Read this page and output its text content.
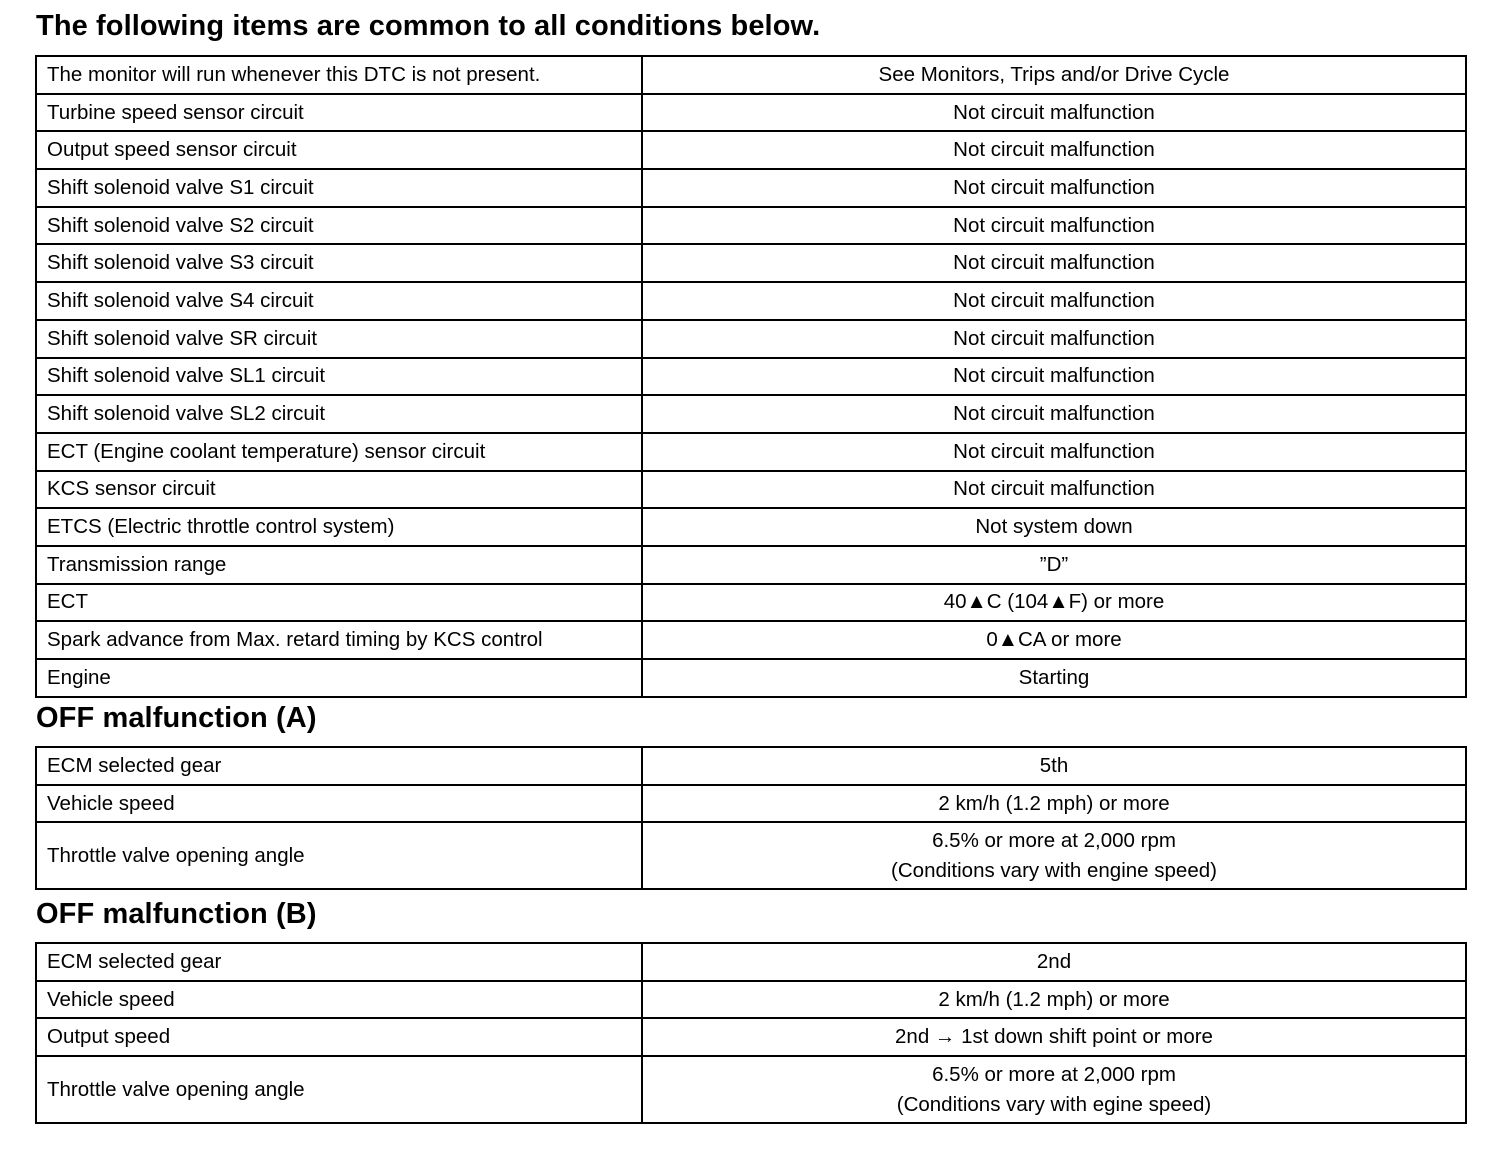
The following items are common to all conditions below.
The monitor will run whenever this DTC is not present.	See Monitors, Trips and/or Drive Cycle
Turbine speed sensor circuit	Not circuit malfunction
Output speed sensor circuit	Not circuit malfunction
Shift solenoid valve S1 circuit	Not circuit malfunction
Shift solenoid valve S2 circuit	Not circuit malfunction
Shift solenoid valve S3 circuit	Not circuit malfunction
Shift solenoid valve S4 circuit	Not circuit malfunction
Shift solenoid valve SR circuit	Not circuit malfunction
Shift solenoid valve SL1 circuit	Not circuit malfunction
Shift solenoid valve SL2 circuit	Not circuit malfunction
ECT (Engine coolant temperature) sensor circuit	Not circuit malfunction
KCS sensor circuit	Not circuit malfunction
ETCS (Electric throttle control system)	Not system down
Transmission range	”D”
ECT	40▲C (104▲F) or more
Spark advance from Max. retard timing by KCS control	0▲CA or more
Engine	Starting
OFF malfunction (A)
ECM selected gear	5th
Vehicle speed	2 km/h (1.2 mph) or more
Throttle valve opening angle	6.5% or more at 2,000 rpm
(Conditions vary with engine speed)
OFF malfunction (B)
ECM selected gear	2nd
Vehicle speed	2 km/h (1.2 mph) or more
Output speed	2nd → 1st down shift point or more
Throttle valve opening angle	6.5% or more at 2,000 rpm
(Conditions vary with egine speed)
